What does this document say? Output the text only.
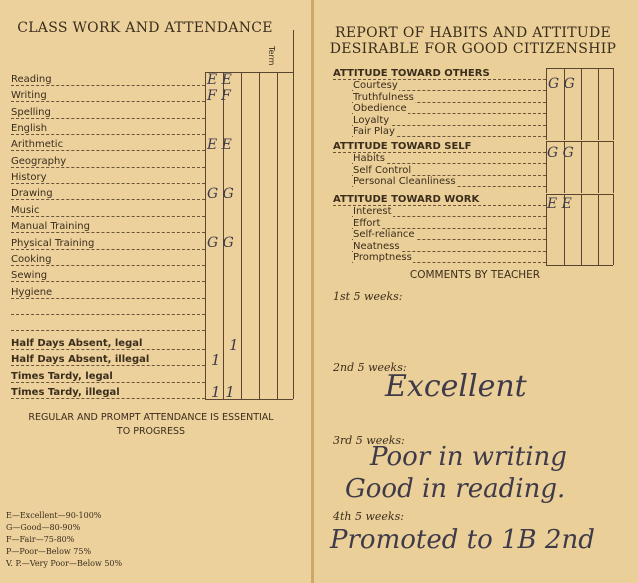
CLASS WORK AND ATTENDANCE
Term
Reading
Writing
Spelling
English
Arithmetic
Geography
History
Drawing
Music
Manual Training
Physical Training
Cooking
Sewing
Hygiene
Half Days Absent, legal
Half Days Absent, illegal
Times Tardy, legal
Times Tardy, illegal
E E
F F
E E
G G
G G
1
1
1 1
REGULAR AND PROMPT ATTENDANCE IS ESSENTIAL
TO PROGRESS
E—Excellent—90-100%
G—Good—80-90%
F—Fair—75-80%
P—Poor—Below 75%
V. P.—Very Poor—Below 50%
REPORT OF HABITS AND ATTITUDE
DESIRABLE FOR GOOD CITIZENSHIP
ATTITUDE TOWARD OTHERS
Courtesy
Truthfulness
Obedience
Loyalty
Fair Play
ATTITUDE TOWARD SELF
Habits
Self Control
Personal Cleanliness
ATTITUDE TOWARD WORK
Interest
Effort
Self-reliance
Neatness
Promptness
G G
G G
E E
COMMENTS BY TEACHER
1st 5 weeks:
2nd 5 weeks:
3rd 5 weeks:
4th 5 weeks:
Excellent
Poor in writing
Good in reading.
Promoted to 1B 2nd
